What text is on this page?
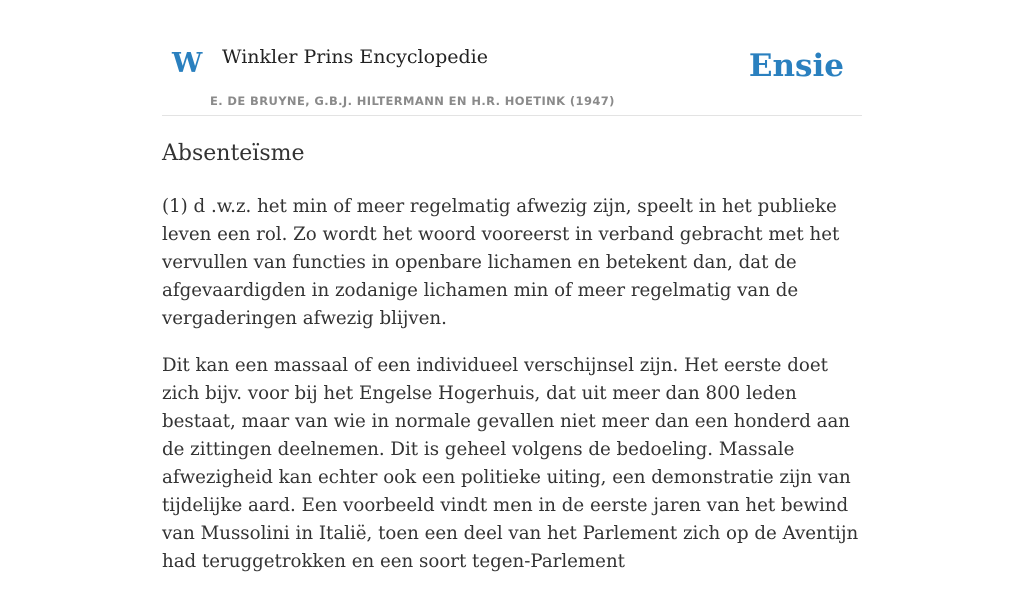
W Winkler Prins Encyclopedie	Ensie
E. DE BRUYNE, G.B.J. HILTERMANN EN H.R. HOETINK (1947)
Absenteïsme

(1) d .w.z. het min of meer regelmatig afwezig zijn, speelt in het publieke leven een rol. Zo wordt het woord vooreerst in verband gebracht met het vervullen van functies in openbare lichamen en betekent dan, dat de afgevaardigden in zodanige lichamen min of meer regelmatig van de vergaderingen afwezig blijven.

Dit kan een massaal of een individueel verschijnsel zijn. Het eerste doet zich bijv. voor bij het Engelse Hogerhuis, dat uit meer dan 800 leden bestaat, maar van wie in normale gevallen niet meer dan een honderd aan de zittingen deelnemen. Dit is geheel volgens de bedoeling. Massale afwezigheid kan echter ook een politieke uiting, een demonstratie zijn van tijdelijke aard. Een voorbeeld vindt men in de eerste jaren van het bewind van Mussolini in Italië, toen een deel van het Parlement zich op de Aventijn had teruggetrokken en een soort tegen-Parlement
